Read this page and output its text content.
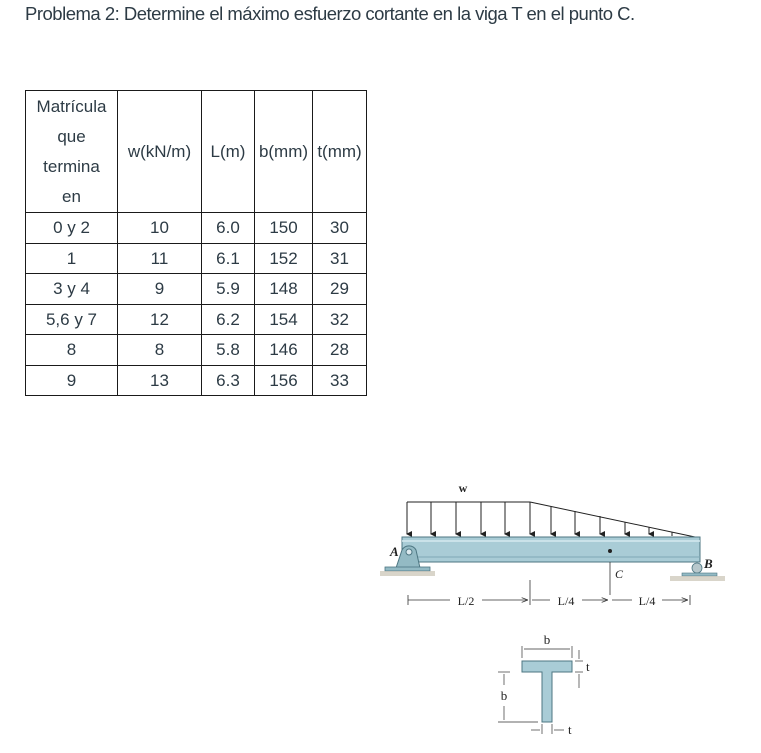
Problema 2: Determine el máximo esfuerzo cortante en la viga T en el punto C.
Matrícula
que
termina
en	w(kN/m)	L(m)	b(mm)	t(mm)
0 y 2	10	6.0	150	30
1	11	6.1	152	31
3 y 4	9	5.9	148	29
5,6 y 7	12	6.2	154	32
8	8	5.8	146	28
9	13	6.3	156	33
w
A
B
C
L/2	L/4	L/4
b
b
t
t
